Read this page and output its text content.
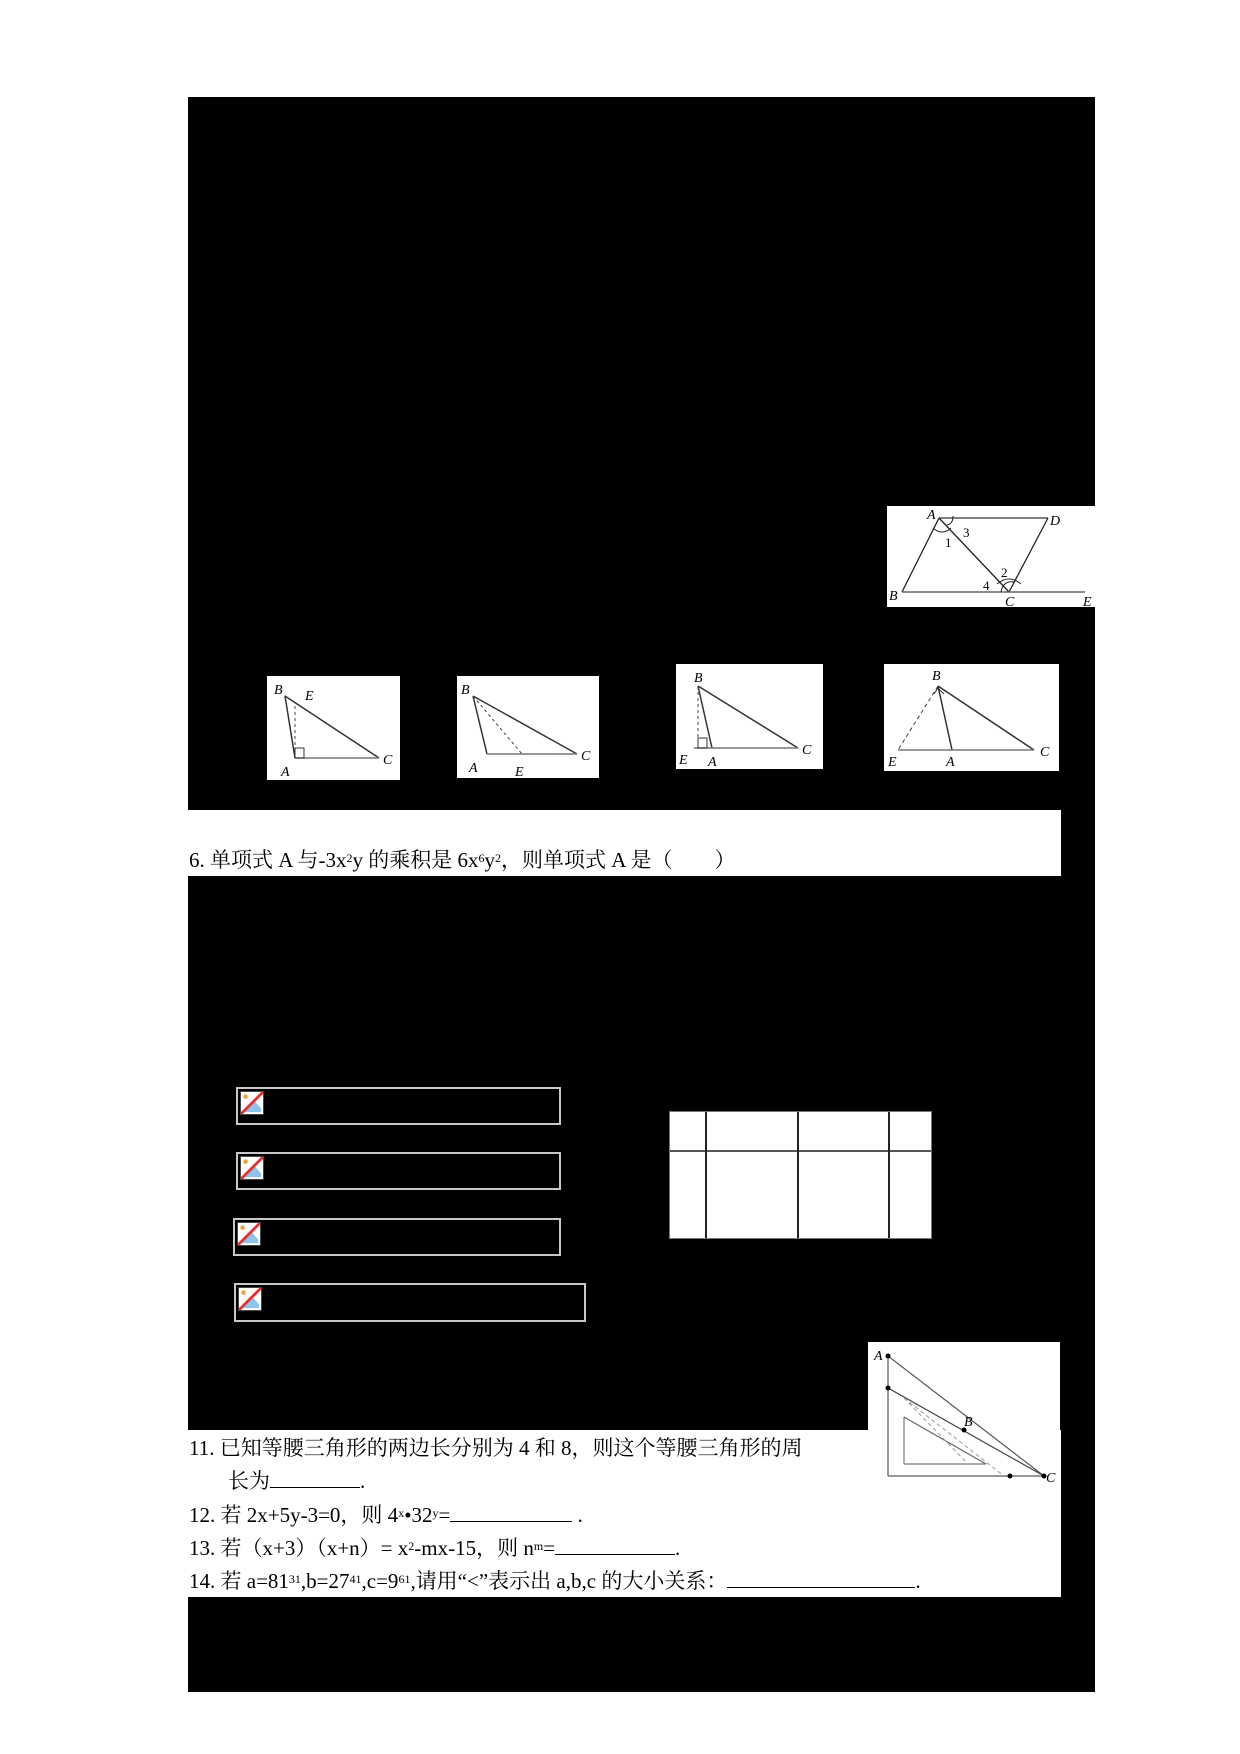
A	D
B	C	E
1
3
2
4
B E
A
C
B
A	E
C
B
E A
C
B
E	A
C
6. 单项式 A 与$-3x^2y$ 的乘积是 $6x^6y^2$，则单项式 A 是（　　）
A
B
C
11. 已知等腰三角形的两边长分别为 4 和 8，则这个等腰三角形的周
长为	.
12. 若 2x+5y-3=0，则 $4^x•32^y=$	.
13. 若$(x+3)(x+n)= x^2-mx-15$，则 $n^m=$	.
14. 若 $a=81^{31},b=27^{41},c=9^{61}$,请用“<”表示出 a,b,c 的大小关系：	.
